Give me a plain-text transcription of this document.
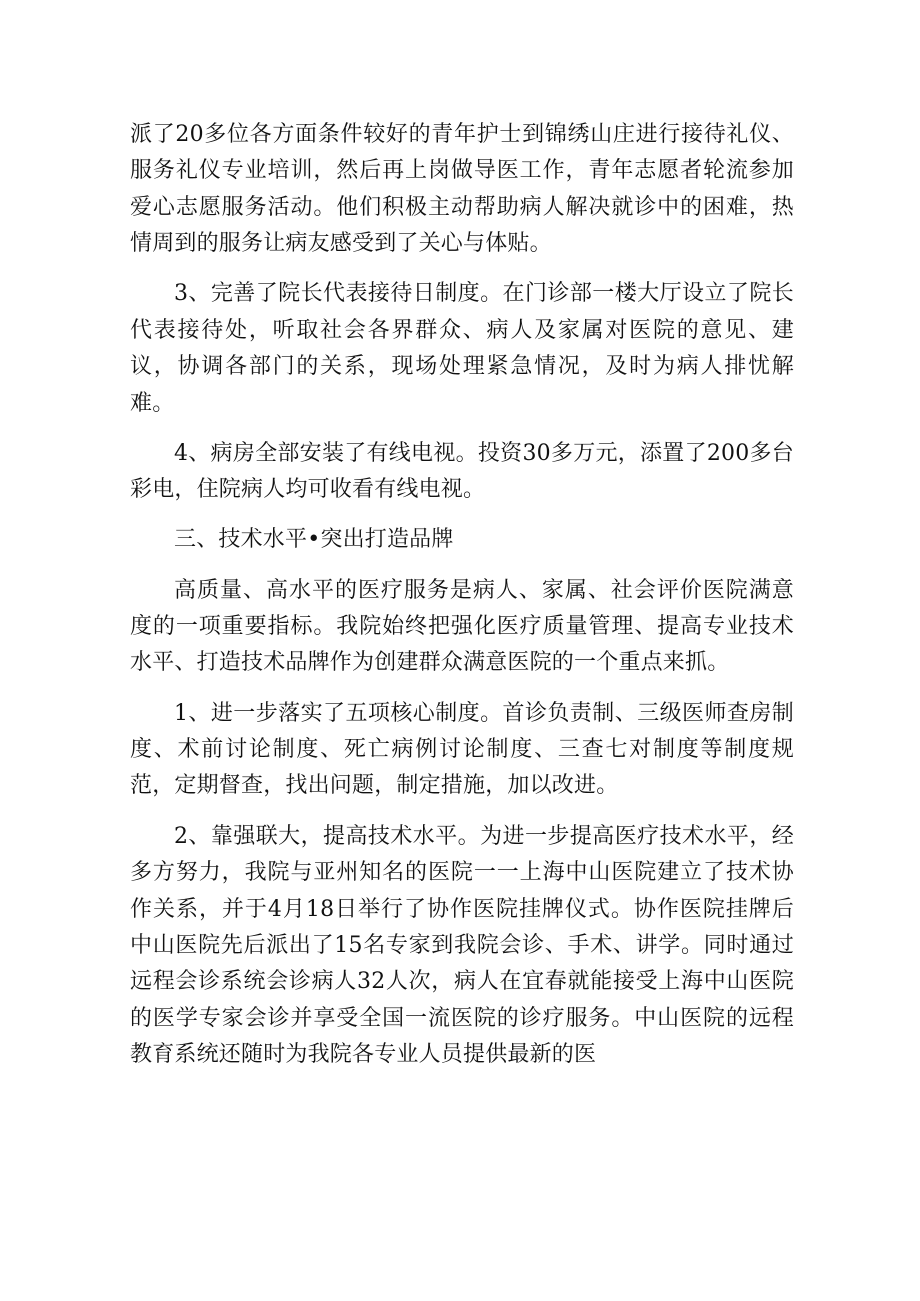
派了20多位各方面条件较好的青年护士到锦绣山庄进行接待礼仪、服务礼仪专业培训，然后再上岗做导医工作，青年志愿者轮流参加爱心志愿服务活动。他们积极主动帮助病人解决就诊中的困难，热情周到的服务让病友感受到了关心与体贴。

3、完善了院长代表接待日制度。在门诊部一楼大厅设立了院长代表接待处，听取社会各界群众、病人及家属对医院的意见、建议，协调各部门的关系，现场处理紧急情况，及时为病人排忧解难。

4、病房全部安装了有线电视。投资30多万元，添置了200多台彩电，住院病人均可收看有线电视。

三、技术水平•突出打造品牌

高质量、高水平的医疗服务是病人、家属、社会评价医院满意度的一项重要指标。我院始终把强化医疗质量管理、提高专业技术水平、打造技术品牌作为创建群众满意医院的一个重点来抓。

1、进一步落实了五项核心制度。首诊负责制、三级医师查房制度、术前讨论制度、死亡病例讨论制度、三查七对制度等制度规范，定期督查，找出问题，制定措施，加以改进。

2、靠强联大，提高技术水平。为进一步提高医疗技术水平，经多方努力，我院与亚州知名的医院一一上海中山医院建立了技术协作关系，并于4月18日举行了协作医院挂牌仪式。协作医院挂牌后中山医院先后派出了15名专家到我院会诊、手术、讲学。同时通过远程会诊系统会诊病人32人次，病人在宜春就能接受上海中山医院的医学专家会诊并享受全国一流医院的诊疗服务。中山医院的远程教育系统还随时为我院各专业人员提供最新的医
